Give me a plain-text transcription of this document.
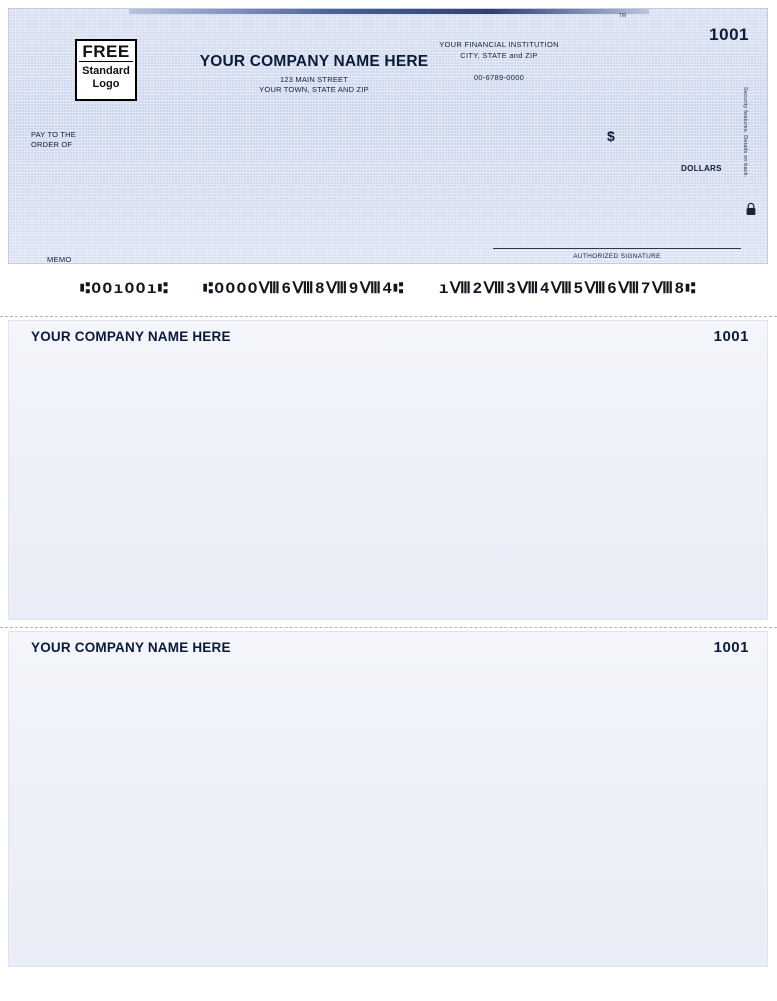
TM
FREE
Standard
Logo
YOUR COMPANY NAME HERE
123 MAIN STREET
YOUR TOWN, STATE AND ZIP
YOUR FINANCIAL INSTITUTION
CITY, STATE and ZIP
00-6789-0000
1001
PAY TO THE
ORDER OF
$
DOLLARS	Security features. Details on back.
MEMO	AUTHORIZED SIGNATURE
⑆OOıOOı⑆ ⑆OOOOⅧ6Ⅷ8Ⅷ9Ⅷ4⑆ ıⅧ2Ⅷ3Ⅷ4Ⅷ5Ⅷ6Ⅷ7Ⅷ8⑆
YOUR COMPANY NAME HERE	1001
YOUR COMPANY NAME HERE	1001
